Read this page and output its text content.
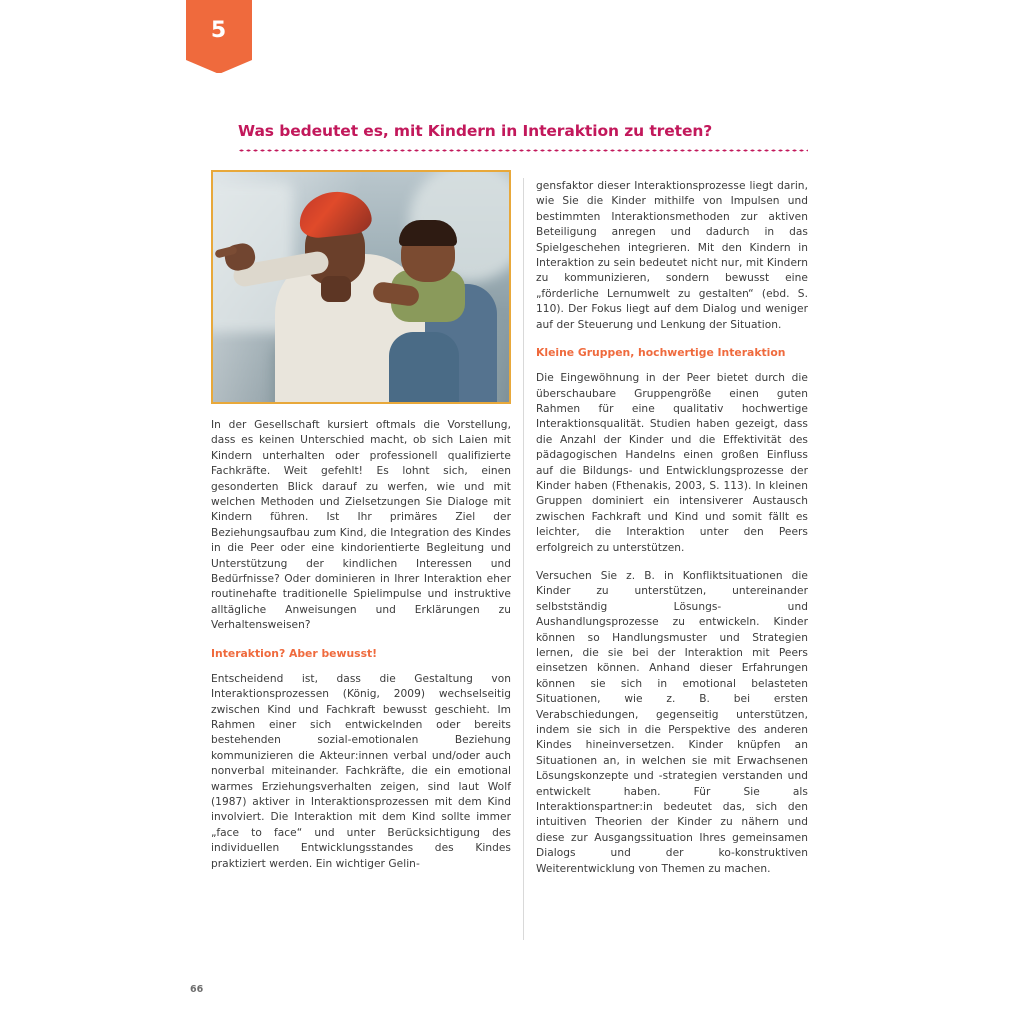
5
Was bedeutet es, mit Kindern in Interaktion zu treten?

In der Gesellschaft kursiert oftmals die Vorstellung, dass es keinen Unterschied macht, ob sich Laien mit Kindern unterhalten oder professionell qualifizierte Fachkräfte. Weit gefehlt! Es lohnt sich, einen gesonderten Blick darauf zu werfen, wie und mit welchen Methoden und Zielsetzungen Sie Dialoge mit Kindern führen. Ist Ihr primäres Ziel der Beziehungsaufbau zum Kind, die Integration des Kindes in die Peer oder eine kindorientierte Begleitung und Unterstützung der kindlichen Interessen und Bedürfnisse? Oder dominieren in Ihrer Interaktion eher routinehafte traditionelle Spielimpulse und instruktive alltägliche Anweisungen und Erklärungen zu Verhaltensweisen?

Interaktion? Aber bewusst!

Entscheidend ist, dass die Gestaltung von Interaktionsprozessen (König, 2009) wechselseitig zwischen Kind und Fachkraft bewusst geschieht. Im Rahmen einer sich entwickelnden oder bereits bestehenden sozial-emotionalen Beziehung kommunizieren die Akteur:innen verbal und/oder auch nonverbal miteinander. Fachkräfte, die ein emotional warmes Erziehungsverhalten zeigen, sind laut Wolf (1987) aktiver in Interaktionsprozessen mit dem Kind involviert. Die Interaktion mit dem Kind sollte immer „face to face“ und unter Berücksichtigung des individuellen Entwicklungsstandes des Kindes praktiziert werden. Ein wichtiger Gelin-

gensfaktor dieser Interaktionsprozesse liegt darin, wie Sie die Kinder mithilfe von Impulsen und bestimmten Interaktionsmethoden zur aktiven Beteiligung anregen und dadurch in das Spielgeschehen integrieren. Mit den Kindern in Interaktion zu sein bedeutet nicht nur, mit Kindern zu kommunizieren, sondern bewusst eine „förderliche Lernumwelt zu gestalten“ (ebd. S. 110). Der Fokus liegt auf dem Dialog und weniger auf der Steuerung und Lenkung der Situation.

Kleine Gruppen, hochwertige Interaktion

Die Eingewöhnung in der Peer bietet durch die überschaubare Gruppengröße einen guten Rahmen für eine qualitativ hochwertige Interaktionsqualität. Studien haben gezeigt, dass die Anzahl der Kinder und die Effektivität des pädagogischen Handelns einen großen Einfluss auf die Bildungs- und Entwicklungsprozesse der Kinder haben (Fthenakis, 2003, S. 113). In kleinen Gruppen dominiert ein intensiverer Austausch zwischen Fachkraft und Kind und somit fällt es leichter, die Interaktion unter den Peers erfolgreich zu unterstützen.

Versuchen Sie z. B. in Konfliktsituationen die Kinder zu unterstützen, untereinander selbstständig Lösungs- und Aushandlungsprozesse zu entwickeln. Kinder können so Handlungsmuster und Strategien lernen, die sie bei der Interaktion mit Peers einsetzen können. Anhand dieser Erfahrungen können sie sich in emotional belasteten Situationen, wie z. B. bei ersten Verabschiedungen, gegenseitig unterstützen, indem sie sich in die Perspektive des anderen Kindes hineinversetzen. Kinder knüpfen an Situationen an, in welchen sie mit Erwachsenen Lösungskonzepte und -strategien verstanden und entwickelt haben. Für Sie als Interaktionspartner:in bedeutet das, sich den intuitiven Theorien der Kinder zu nähern und diese zur Ausgangssituation Ihres gemeinsamen Dialogs und der ko-konstruktiven Weiterentwicklung von Themen zu machen.

66
